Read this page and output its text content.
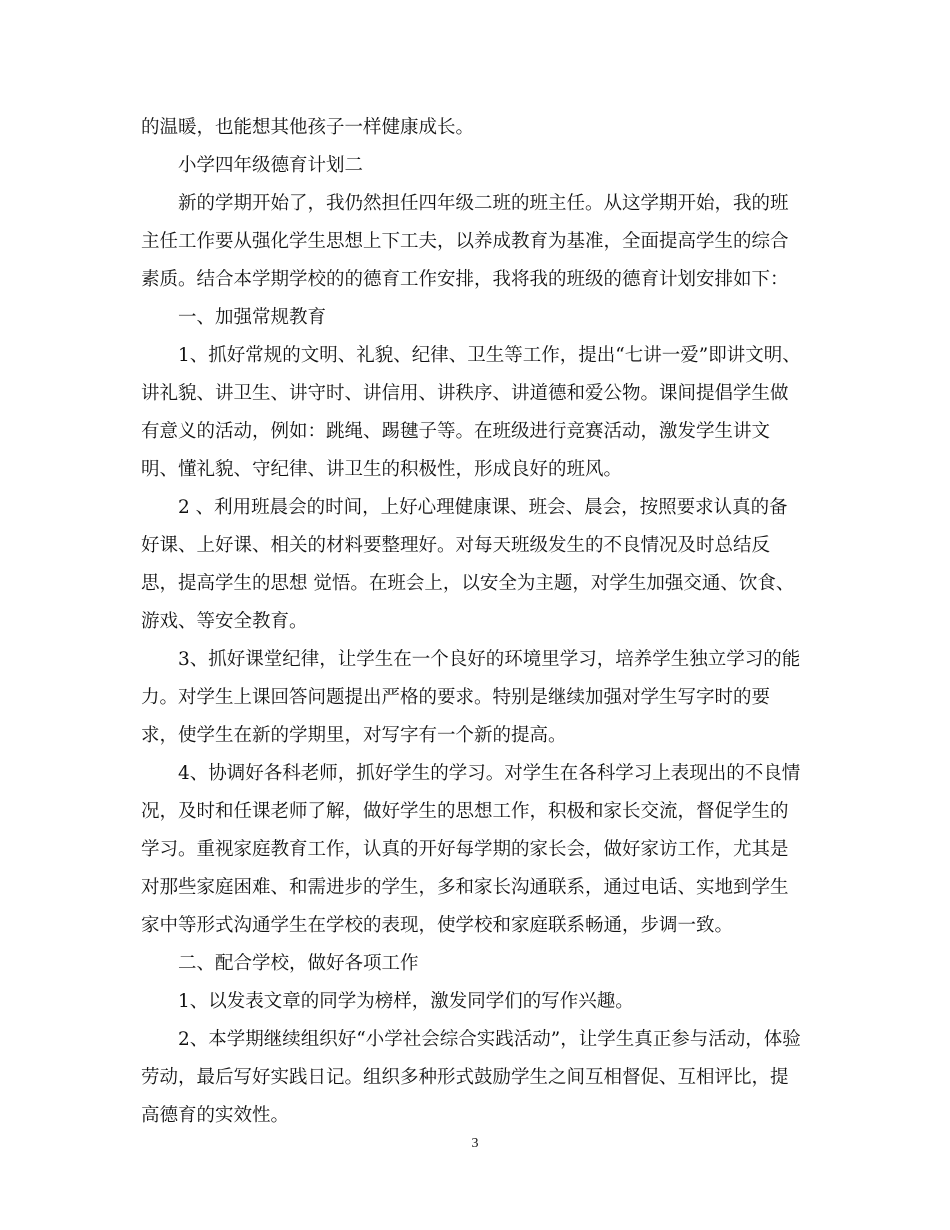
的温暖，也能想其他孩子一样健康成长。
小学四年级德育计划二
新的学期开始了，我仍然担任四年级二班的班主任。从这学期开始，我的班
主任工作要从强化学生思想上下工夫，以养成教育为基准，全面提高学生的综合
素质。结合本学期学校的的德育工作安排，我将我的班级的德育计划安排如下：
一、加强常规教育
1、抓好常规的文明、礼貌、纪律、卫生等工作，提出“七讲一爱”即讲文明、
讲礼貌、讲卫生、讲守时、讲信用、讲秩序、讲道德和爱公物。课间提倡学生做
有意义的活动，例如：跳绳、踢毽子等。在班级进行竞赛活动，激发学生讲文
明、懂礼貌、守纪律、讲卫生的积极性，形成良好的班风。
2 、利用班晨会的时间，上好心理健康课、班会、晨会，按照要求认真的备
好课、上好课、相关的材料要整理好。对每天班级发生的不良情况及时总结反
思，提高学生的思想 觉悟。在班会上，以安全为主题，对学生加强交通、饮食、
游戏、等安全教育。
3、抓好课堂纪律，让学生在一个良好的环境里学习，培养学生独立学习的能
力。对学生上课回答问题提出严格的要求。特别是继续加强对学生写字时的要
求，使学生在新的学期里，对写字有一个新的提高。
4、协调好各科老师，抓好学生的学习。对学生在各科学习上表现出的不良情
况，及时和任课老师了解，做好学生的思想工作，积极和家长交流，督促学生的
学习。重视家庭教育工作，认真的开好每学期的家长会，做好家访工作，尤其是
对那些家庭困难、和需进步的学生，多和家长沟通联系，通过电话、实地到学生
家中等形式沟通学生在学校的表现，使学校和家庭联系畅通，步调一致。
二、配合学校，做好各项工作
1、以发表文章的同学为榜样，激发同学们的写作兴趣。
2、本学期继续组织好“小学社会综合实践活动”，让学生真正参与活动，体验
劳动，最后写好实践日记。组织多种形式鼓励学生之间互相督促、互相评比，提
高德育的实效性。
3
